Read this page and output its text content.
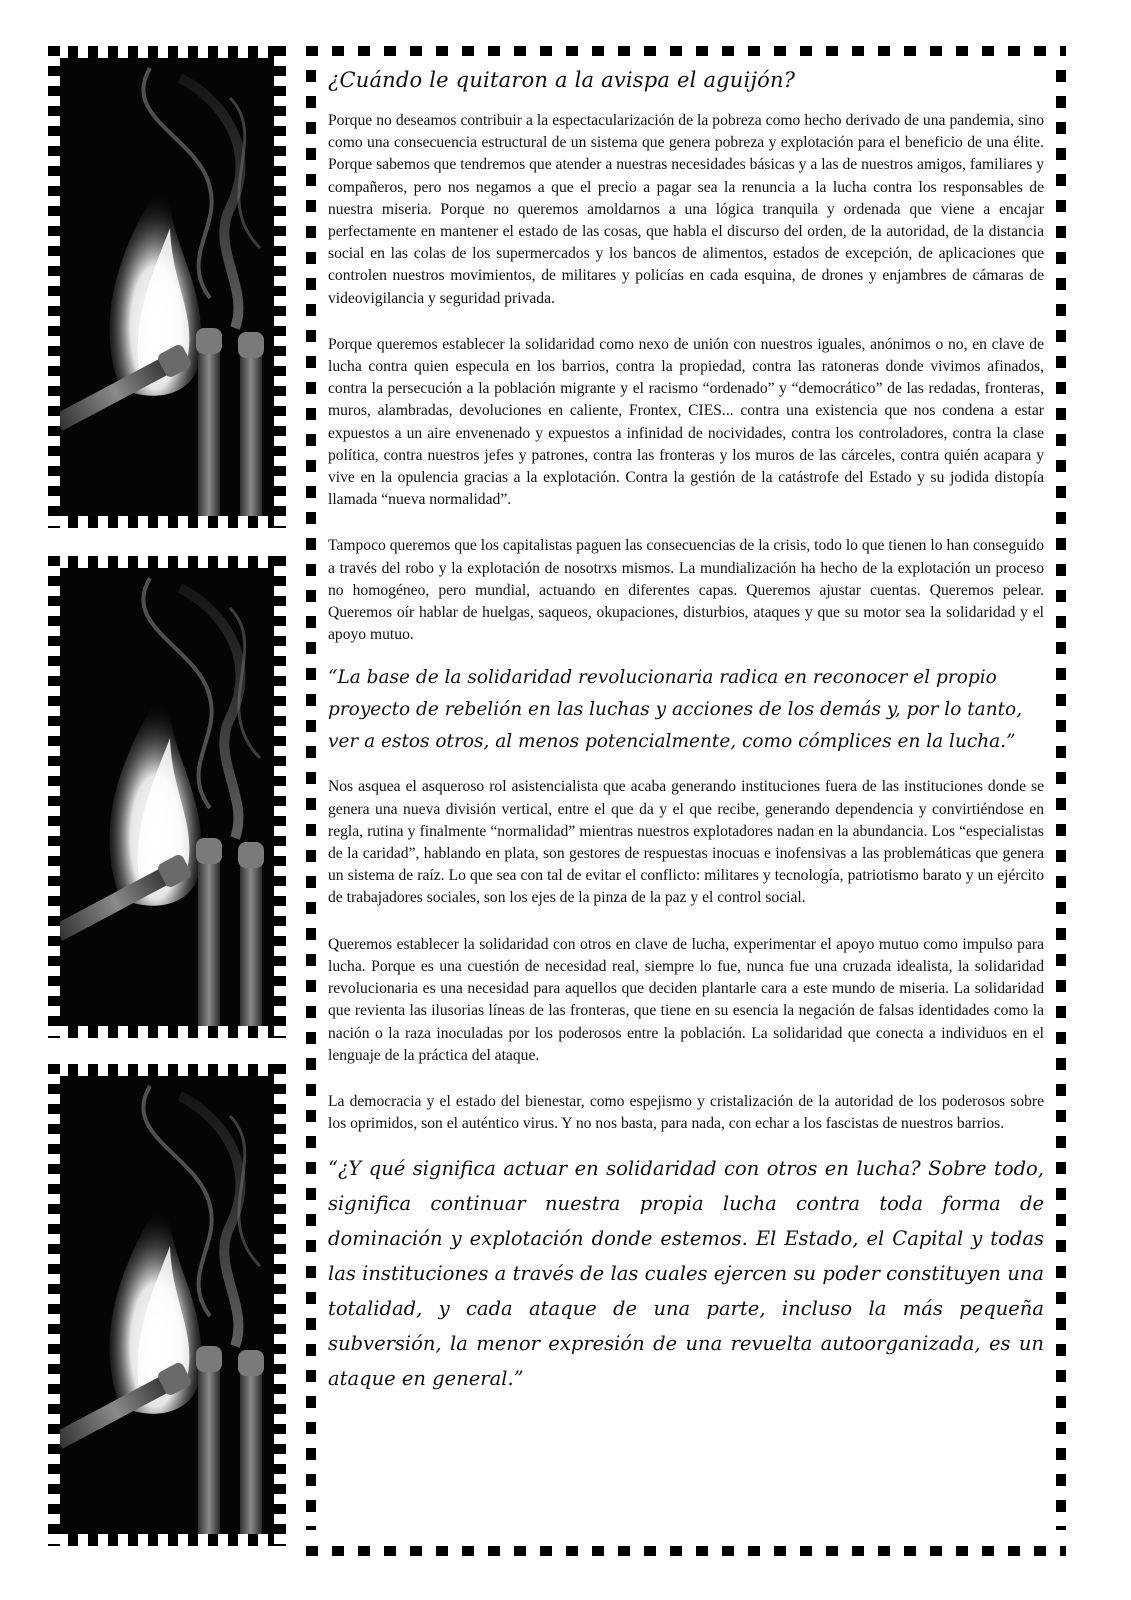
¿Cuándo le quitaron a la avispa el aguijón?

Porque no deseamos contribuir a la espectacularización de la pobreza como hecho derivado de una pandemia, sino como una consecuencia estructural de un sistema que genera pobreza y explotación para el beneficio de una élite. Porque sabemos que tendremos que atender a nuestras necesidades básicas y a las de nuestros amigos, familiares y compañeros, pero nos negamos a que el precio a pagar sea la renuncia a la lucha contra los responsables de nuestra miseria. Porque no queremos amoldarnos a una lógica tranquila y ordenada que viene a encajar perfectamente en mantener el estado de las cosas, que habla el discurso del orden, de la autoridad, de la distancia social en las colas de los supermercados y los bancos de alimentos, estados de excepción, de aplicaciones que controlen nuestros movimientos, de militares y policías en cada esquina, de drones y enjambres de cámaras de videovigilancia y seguridad privada.

Porque queremos establecer la solidaridad como nexo de unión con nuestros iguales, anónimos o no, en clave de lucha contra quien especula en los barrios, contra la propiedad, contra las ratoneras donde vivimos afinados, contra la persecución a la población migrante y el racismo “ordenado” y “democrático” de las redadas, fronteras, muros, alambradas, devoluciones en caliente, Frontex, CIES... contra una existencia que nos condena a estar expuestos a un aire envenenado y expuestos a infinidad de nocividades, contra los controladores, contra la clase política, contra nuestros jefes y patrones, contra las fronteras y los muros de las cárceles, contra quién acapara y vive en la opulencia gracias a la explotación. Contra la gestión de la catástrofe del Estado y su jodida distopía llamada “nueva normalidad”.

Tampoco queremos que los capitalistas paguen las consecuencias de la crisis, todo lo que tienen lo han conseguido a través del robo y la explotación de nosotrxs mismos. La mundialización ha hecho de la explotación un proceso no homogéneo, pero mundial, actuando en diferentes capas. Queremos ajustar cuentas. Queremos pelear. Queremos oír hablar de huelgas, saqueos, okupaciones, disturbios, ataques y que su motor sea la solidaridad y el apoyo mutuo.

“La base de la solidaridad revolucionaria radica en reconocer el propio proyecto de rebelión en las luchas y acciones de los demás y, por lo tanto, ver a estos otros, al menos potencialmente, como cómplices en la lucha.”

Nos asquea el asqueroso rol asistencialista que acaba generando instituciones fuera de las instituciones donde se genera una nueva división vertical, entre el que da y el que recibe, generando dependencia y convirtiéndose en regla, rutina y finalmente “normalidad” mientras nuestros explotadores nadan en la abundancia. Los “especialistas de la caridad”, hablando en plata, son gestores de respuestas inocuas e inofensivas a las problemáticas que genera un sistema de raíz. Lo que sea con tal de evitar el conflicto: militares y tecnología, patriotismo barato y un ejército de trabajadores sociales, son los ejes de la pinza de la paz y el control social.

Queremos establecer la solidaridad con otros en clave de lucha, experimentar el apoyo mutuo como impulso para lucha. Porque es una cuestión de necesidad real, siempre lo fue, nunca fue una cruzada idealista, la solidaridad revolucionaria es una necesidad para aquellos que deciden plantarle cara a este mundo de miseria. La solidaridad que revienta las ilusorias líneas de las fronteras, que tiene en su esencia la negación de falsas identidades como la nación o la raza inoculadas por los poderosos entre la población. La solidaridad que conecta a individuos en el lenguaje de la práctica del ataque.

La democracia y el estado del bienestar, como espejismo y cristalización de la autoridad de los poderosos sobre los oprimidos, son el auténtico virus. Y no nos basta, para nada, con echar a los fascistas de nuestros barrios.

“¿Y qué significa actuar en solidaridad con otros en lucha? Sobre todo, significa continuar nuestra propia lucha contra toda forma de dominación y explotación donde estemos. El Estado, el Capital y todas las instituciones a través de las cuales ejercen su poder constituyen una totalidad, y cada ataque de una parte, incluso la más pequeña subversión, la menor expresión de una revuelta autoorganizada, es un ataque en general.”
